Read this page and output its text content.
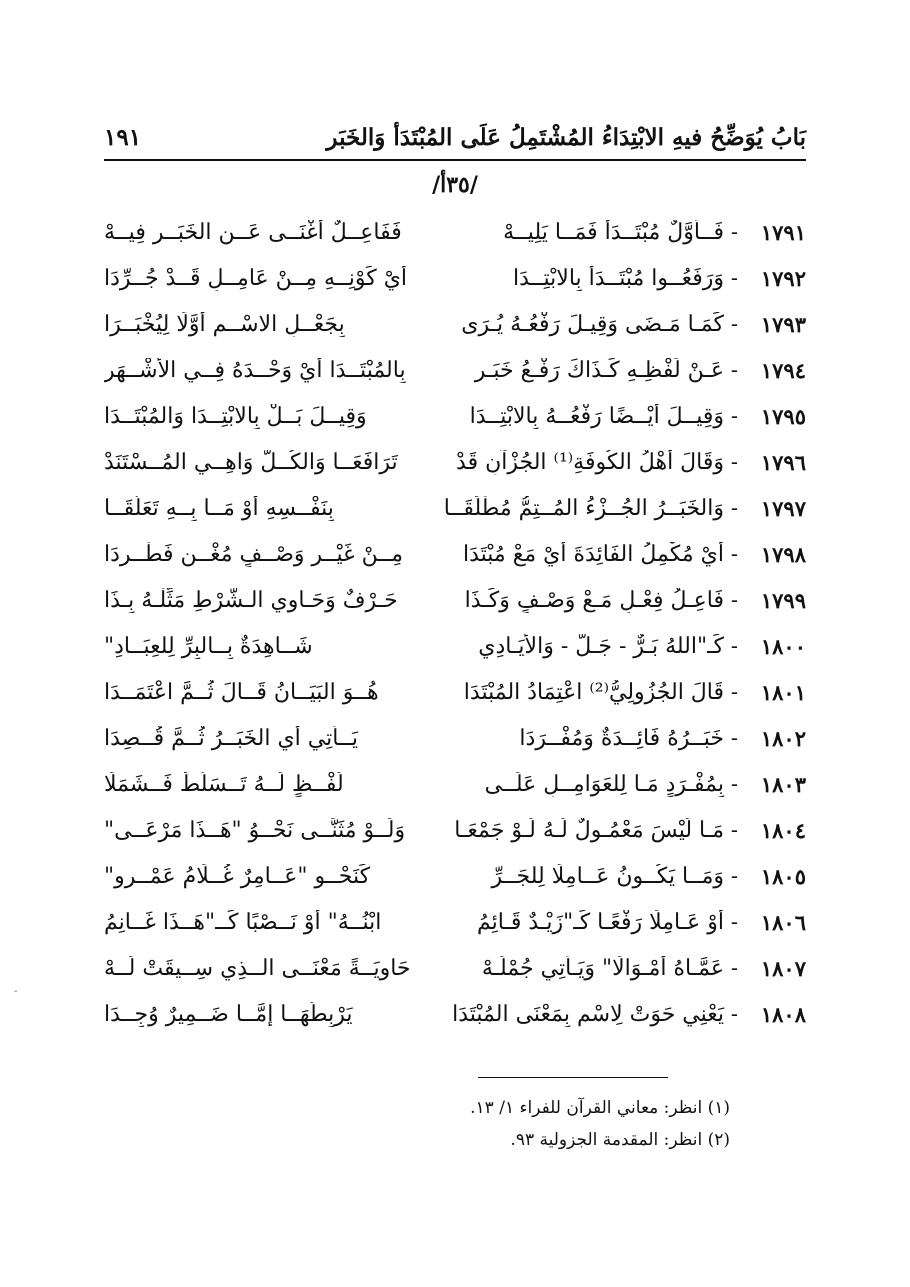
بَابُ يُوَضِّحُ فيهِ الابْتِدَاءُ المُشْتَمِلُ عَلَى المُبْتَدَأ وَالخَبَر
١٩١
/٣٥أ/
١٧٩١
-
فَــأَوَّلٌ مُبْتَــدَأٌ فَمَــا يَلِيــهْ
فَفَاعِــلٌ أَغْنَــى عَــنِ الخَبَــرِ فِيــهْ
١٧٩٢
-
وَرَفَعُــوا مُبْتَــدَأً بِالابْتِــدَا
أَيْ كَوْنِــهِ مِــنْ عَامِــلٍ قَــدْ جُــرِّدَا
١٧٩٣
-
كَمَـا مَـضَى وَقِيـلَ رَفْعُـهُ يُـرَى
بِجَعْــلِ الاسْــمِ أَوَّلًا لِيُخْبَــرَا
١٧٩٤
-
عَـنْ لَفْظِـهِ كَـذَاكَ رَفْـعُ خَبَـرِ
بِالمُبْتَــدَا أَيْ وَحْــدَهُ فِــي الأَشْــهَرِ
١٧٩٥
-
وَقِيــلَ أَيْــضًا رَفْعُــهُ بِالابْتِــدَا
وَقِيــلَ بَــلْ بِالابْتِــدَا وَالمُبْتَــدَا
١٧٩٦
-
وَقَالَ أَهْلُ الكُوفَةِ⁽¹⁾ الجُزْآنِ قَدْ
تَرَافَعَــا وَالكُــلُّ وَاهِــي المُــسْتَنَدْ
١٧٩٧
-
وَالخَبَــرُ الجُــزْءُ المُــتِمُّ مُطْلَقَــا
بِنَفْــسِهِ أَوْ مَــا بِــهِ تَعَلَّقَــا
١٧٩٨
-
أَيْ مُكْمِلُ الفَائِدَةَ أَيْ مَعْ مُبْتَدَا
مِــنْ غَيْــرِ وَصْــفٍ مُغْــنٍ فَطْــرِدَا
١٧٩٩
-
فَاعِـلُ فِعْـلٍ مَـعْ وَصْـفٍ وَكَـذَا
حَـرْفٌ وَحَـاوِي الـشَّرْطِ مَثِّلْـهُ بِـذَا
١٨٠٠
-
كَـ"اللهُ بَـرٌّ - جَـلَّ - وَالأَيَـادِي
شَــاهِدَةٌ بِــالبِرِّ لِلعِبَــادِ"
١٨٠١
-
قَالَ الجُزُولِيُّ⁽²⁾ اعْتِمَادُ المُبْتَدَا
هُــوَ البَيَــانُ قَــالَ ثُــمَّ اعْتَمَــدَا
١٨٠٢
-
خَبَــرُهُ فَائِــدَةٌ وَمُفْــرَدَا
يَــأْتِي أَيِ الخَبَــرُ ثُــمَّ قُــصِدَا
١٨٠٣
-
بِمُفْـرَدٍ مَـا لِلعَوَامِــلِ عَلَــى
لَفْــظٍ لَــهُ تَــسَلُّطٌ فَــشَمَلَا
١٨٠٤
-
مَـا لَيْسَ مَعْمُـولٌ لَـهُ لَـوْ جَمْعَـا
وَلَــوْ مُثَنَّــى نَحْــوُ "هَــذَا مَرْعَــى"
١٨٠٥
-
وَمَــا يَكُــونُ عَــامِلًا لِلجَــرِّ
كَنَحْــوِ "عَــامِرٌ غُــلَامُ عَمْــرِو"
١٨٠٦
-
أَوْ عَـامِلًا رَفْعًـا كَـ"زَيْـدٌ قَـائِمُ
ابْنُــهُ" أَوْ نَــصْبًا كَــ"هَــذَا غَــانِمُ
١٨٠٧
-
عَمَّـاهُ أَمْـوَالًا" وَيَـأْتِي جُمْلَـهْ
حَاوِيَــةً مَعْنَــى الــذِي سِــيقَتْ لَــهْ
١٨٠٨
-
يَعْنِي حَوَتْ لِاسْمٍ بِمَعْنَى المُبْتَدَا
يَرْبِطُهَــا إِمَّــا ضَــمِيرٌ وُجِــدَا
(١) انظر: معاني القرآن للفراء ١/ ١٣.
(٢) انظر: المقدمة الجزولية ٩٣.
-
